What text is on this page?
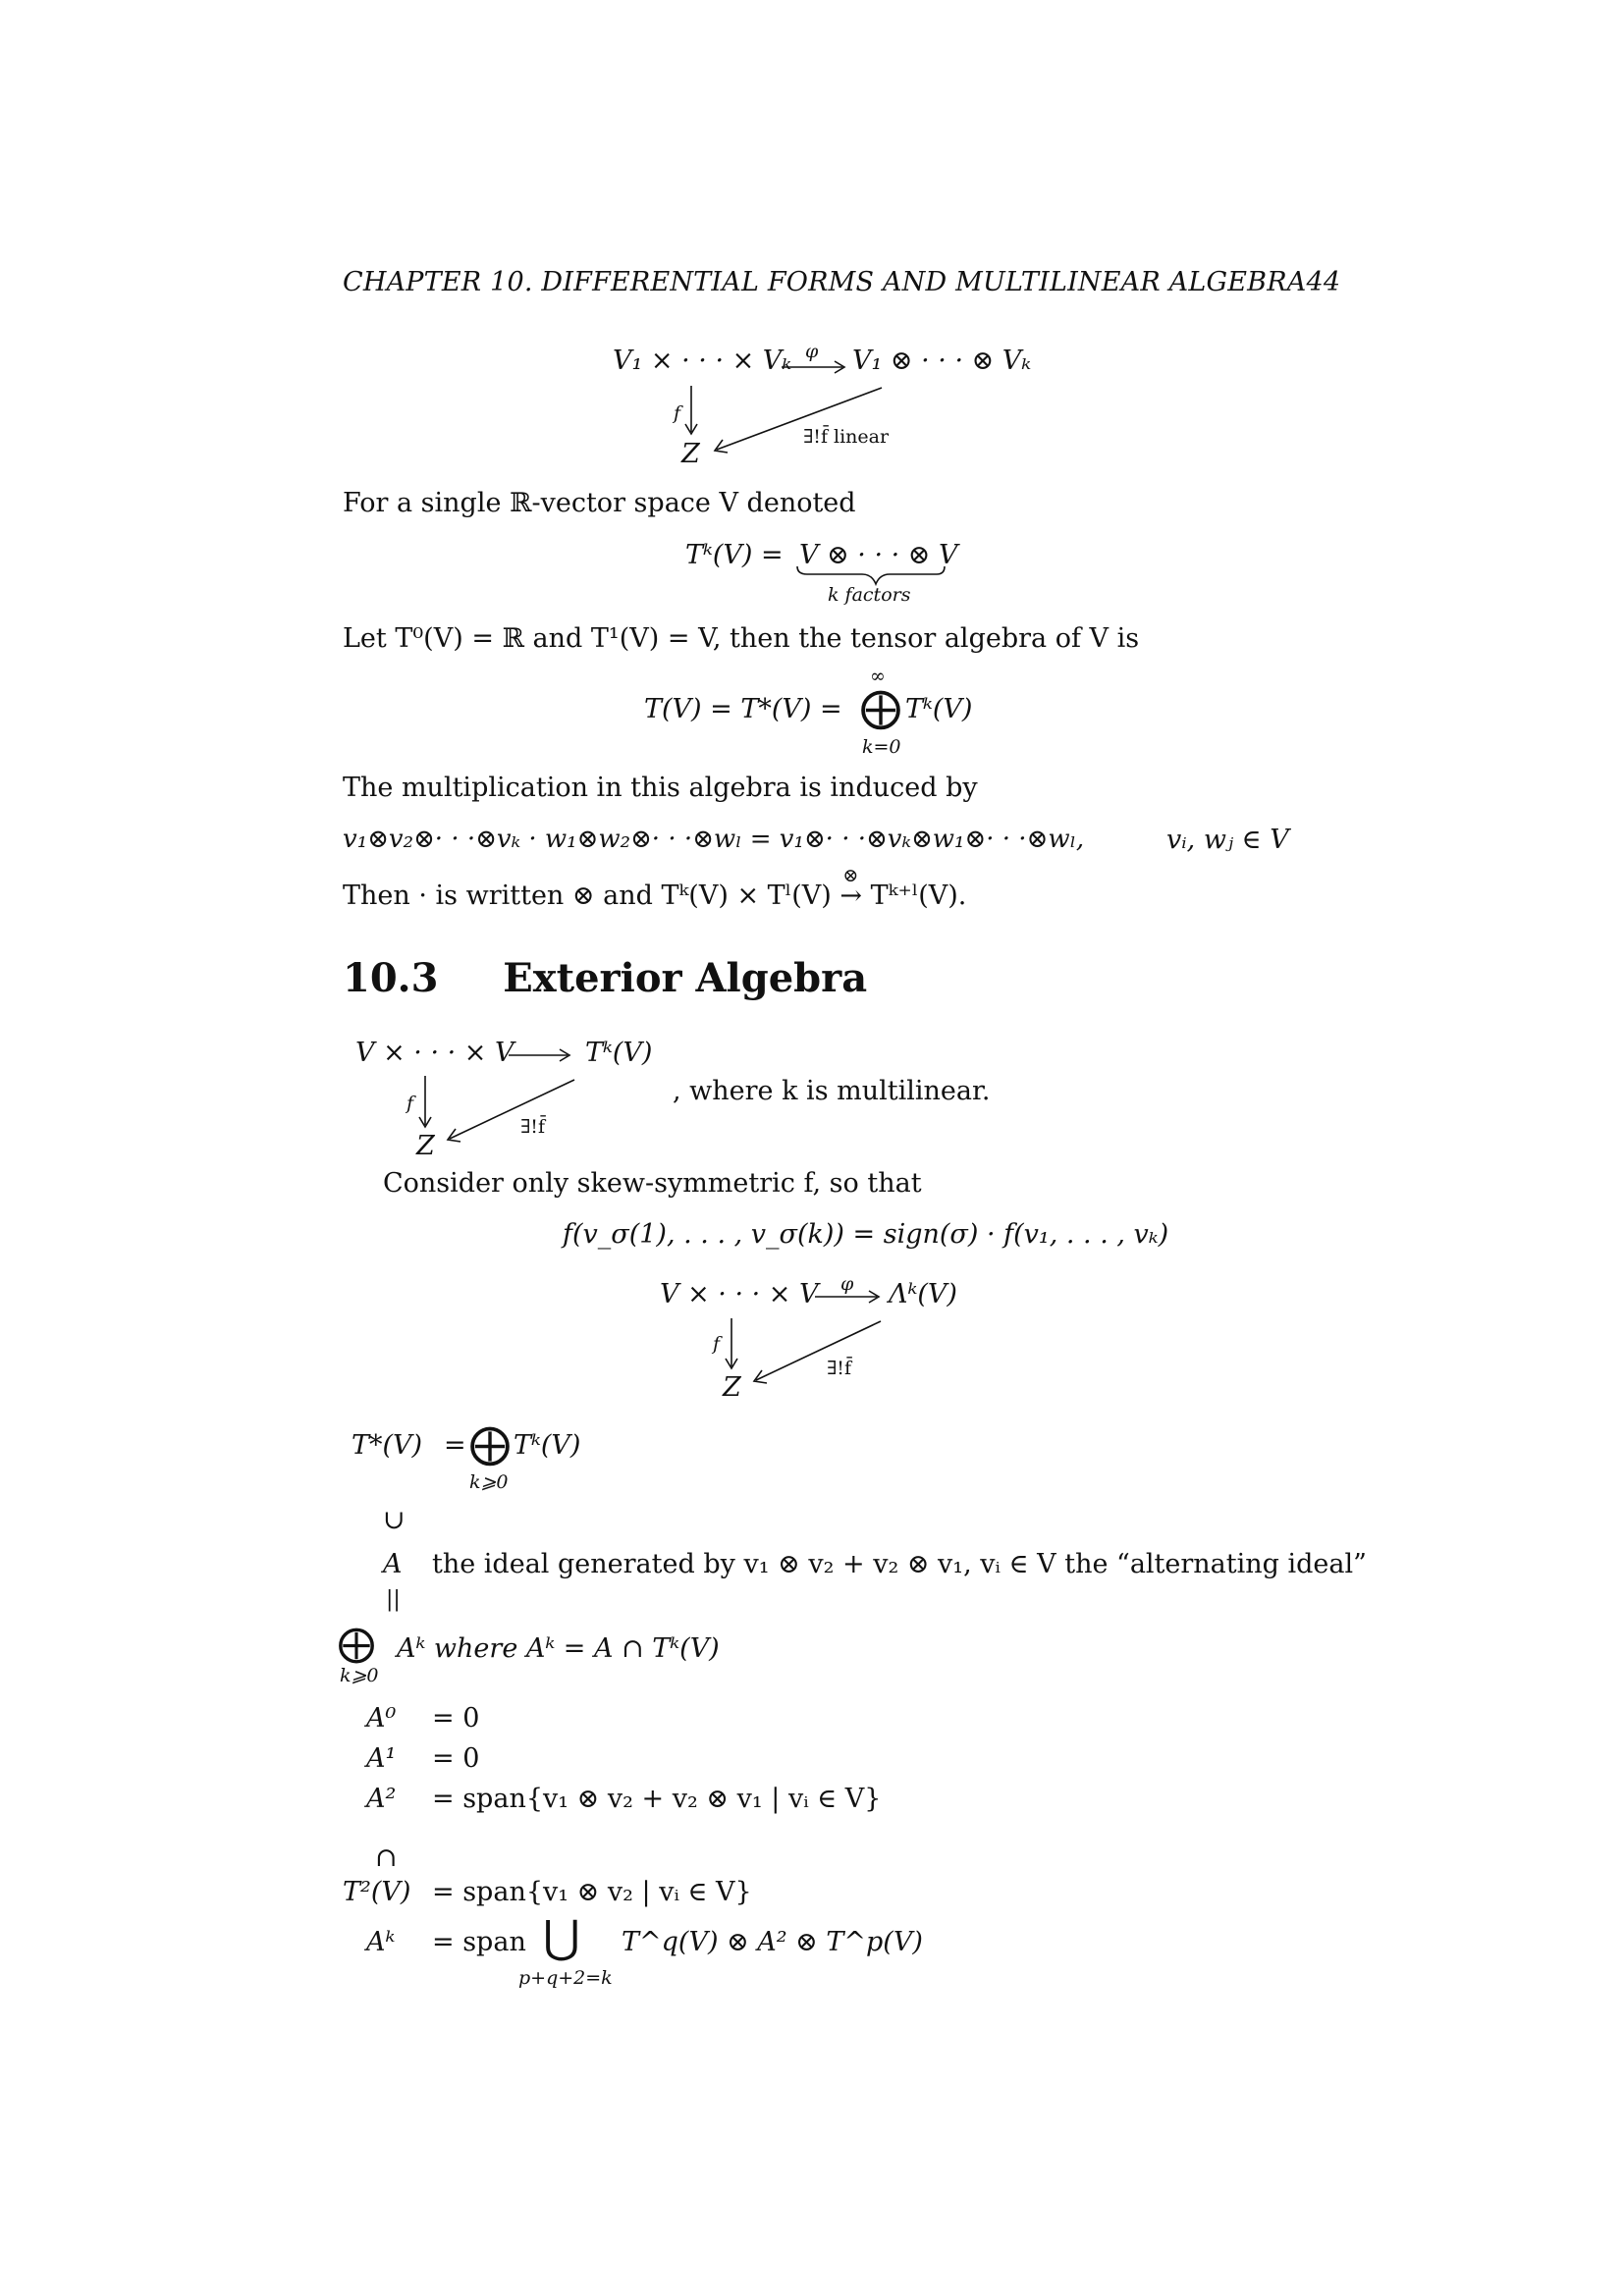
CHAPTER 10. DIFFERENTIAL FORMS AND MULTILINEAR ALGEBRA44
V₁ × · · · × Vₖ φ V₁ ⊗ · · · ⊗ Vₖ
f
Z
∃!f̄ linear
For a single ℝ-vector space V denoted
Tᵏ(V) = V ⊗ · · · ⊗ V
k factors
Let T⁰(V) = ℝ and T¹(V) = V, then the tensor algebra of V is
T(V) = T*(V) =
∞
⨁
k=0
Tᵏ(V)
The multiplication in this algebra is induced by
v₁⊗v₂⊗· · ·⊗vₖ · w₁⊗w₂⊗· · ·⊗wₗ = v₁⊗· · ·⊗vₖ⊗w₁⊗· · ·⊗wₗ,	vᵢ, wⱼ ∈ V
Then · is written ⊗ and Tᵏ(V) × Tˡ(V)
⊗
→ Tᵏ⁺ˡ(V).
10.3 Exterior Algebra
V × · · · × V	Tᵏ(V)
f
Z
∃!f̄
, where k is multilinear.
Consider only skew-symmetric f, so that
f(v_σ(1), . . . , v_σ(k)) = sign(σ) · f(v₁, . . . , vₖ)
V × · · · × V φ Λᵏ(V)
f
Z
∃!f̄
T*(V) = ⨁
k⩾0
Tᵏ(V)
∪
A the ideal generated by v₁ ⊗ v₂ + v₂ ⊗ v₁, vᵢ ∈ V the “alternating ideal”
||
⨁
k⩾0
Aᵏ where Aᵏ = A ∩ Tᵏ(V)
A⁰ = 0
A¹ = 0
A² = span{v₁ ⊗ v₂ + v₂ ⊗ v₁ | vᵢ ∈ V}
∩
T²(V) = span{v₁ ⊗ v₂ | vᵢ ∈ V}
Aᵏ = span ⋃
p+q+2=k
T^q(V) ⊗ A² ⊗ T^p(V)
